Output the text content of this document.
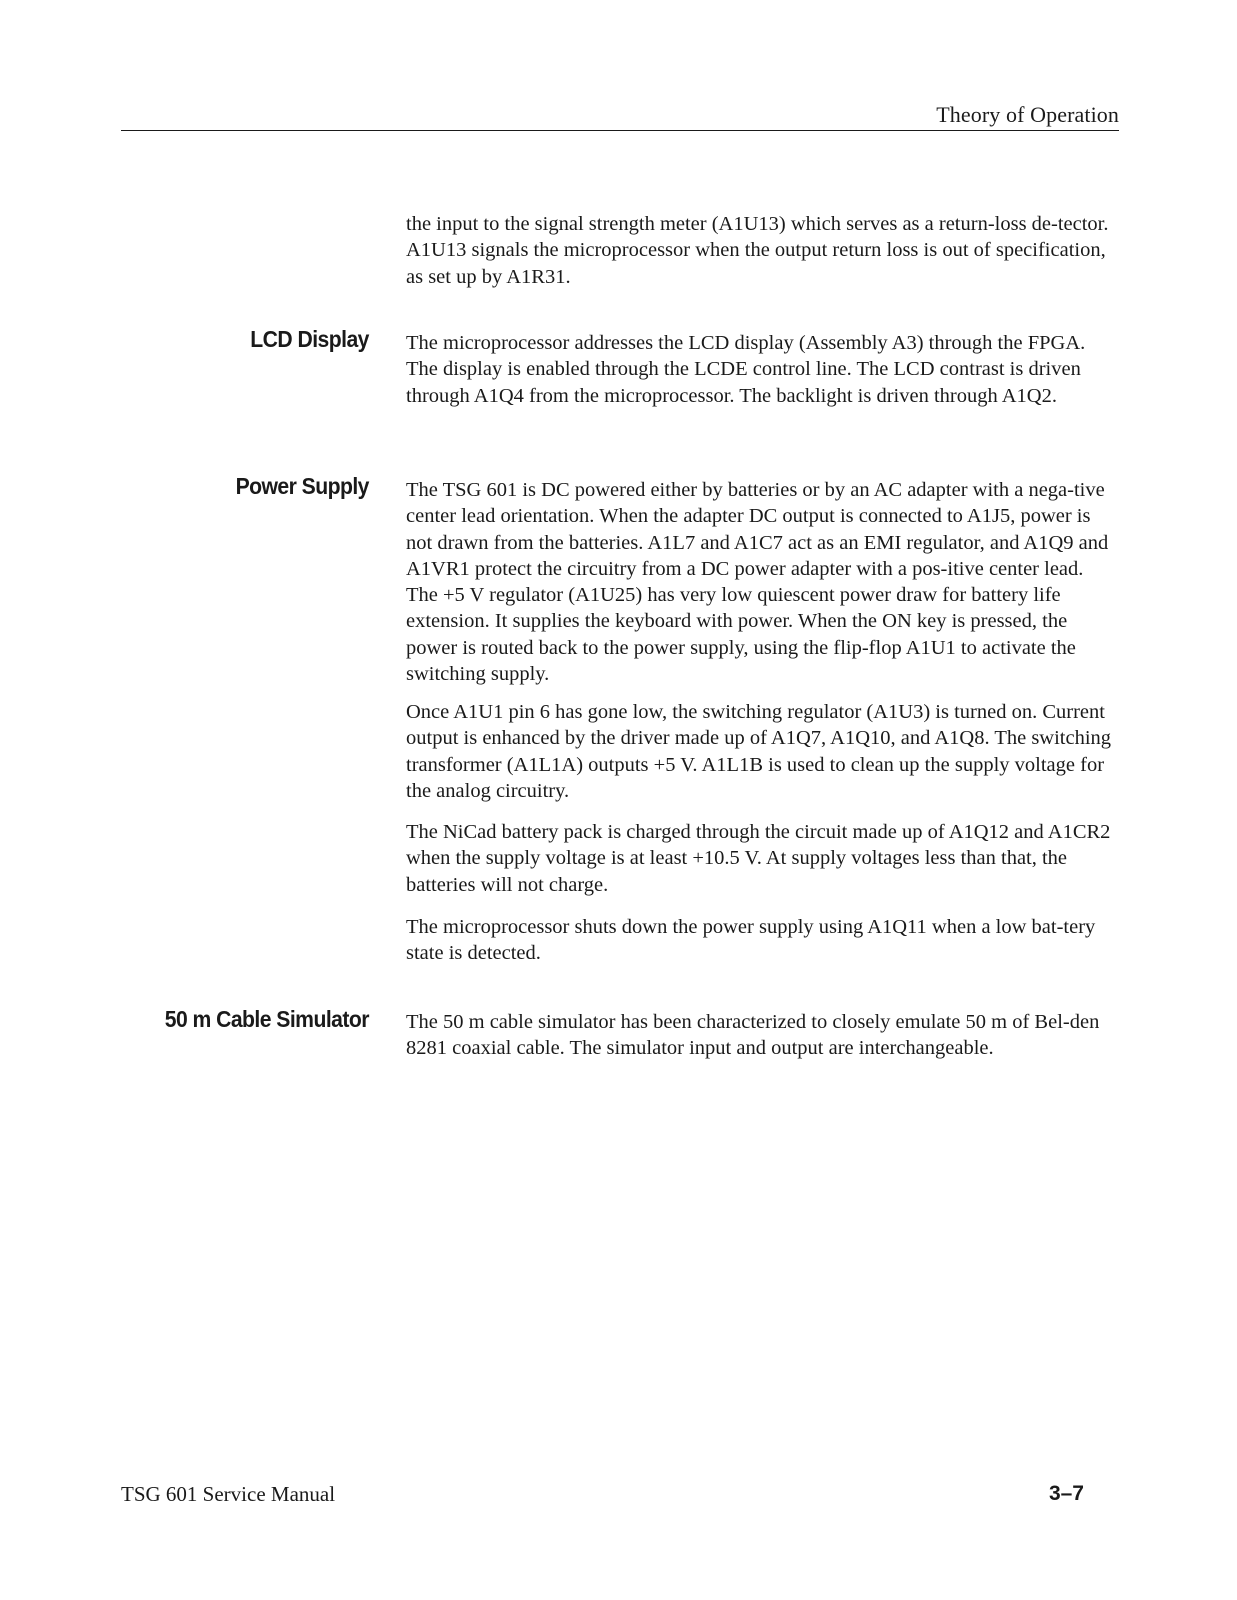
Theory of Operation

the input to the signal strength meter (A1U13) which serves as a return-loss de-tector. A1U13 signals the microprocessor when the output return loss is out of specification, as set up by A1R31.

LCD Display The microprocessor addresses the LCD display (Assembly A3) through the FPGA. The display is enabled through the LCDE control line. The LCD contrast is driven through A1Q4 from the microprocessor. The backlight is driven through A1Q2.

Power Supply The TSG 601 is DC powered either by batteries or by an AC adapter with a nega-tive center lead orientation. When the adapter DC output is connected to A1J5, power is not drawn from the batteries. A1L7 and A1C7 act as an EMI regulator, and A1Q9 and A1VR1 protect the circuitry from a DC power adapter with a pos-itive center lead. The +5 V regulator (A1U25) has very low quiescent power draw for battery life extension. It supplies the keyboard with power. When the ON key is pressed, the power is routed back to the power supply, using the flip-flop A1U1 to activate the switching supply.

Once A1U1 pin 6 has gone low, the switching regulator (A1U3) is turned on. Current output is enhanced by the driver made up of A1Q7, A1Q10, and A1Q8. The switching transformer (A1L1A) outputs +5 V. A1L1B is used to clean up the supply voltage for the analog circuitry.

The NiCad battery pack is charged through the circuit made up of A1Q12 and A1CR2 when the supply voltage is at least +10.5 V. At supply voltages less than that, the batteries will not charge.

The microprocessor shuts down the power supply using A1Q11 when a low bat-tery state is detected.

50 m Cable Simulator The 50 m cable simulator has been characterized to closely emulate 50 m of Bel-den 8281 coaxial cable. The simulator input and output are interchangeable.

TSG 601 Service Manual	3–7
